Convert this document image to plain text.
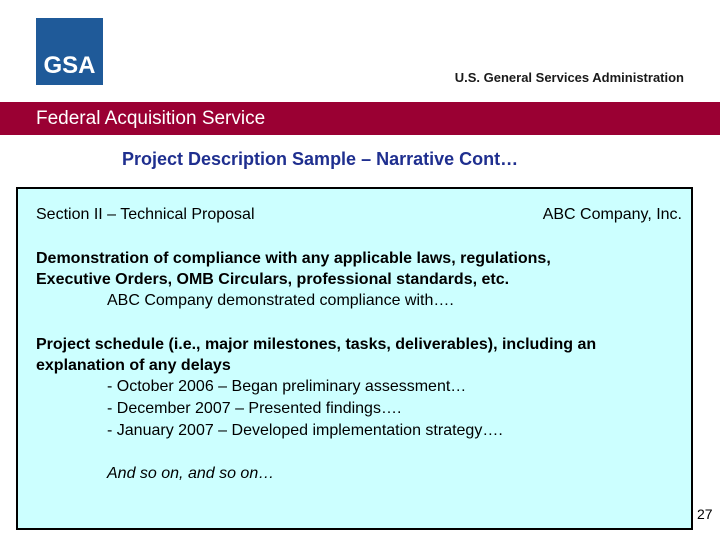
GSA	U.S. General Services Administration
Federal Acquisition Service
Project Description Sample – Narrative Cont…
Section II – Technical Proposal	ABC Company, Inc.
Demonstration of compliance with any applicable laws, regulations,
Executive Orders, OMB Circulars, professional standards, etc.
ABC Company demonstrated compliance with….
Project schedule (i.e., major milestones, tasks, deliverables), including an
explanation of any delays
- October 2006 – Began preliminary assessment…
- December 2007 – Presented findings….
- January 2007 – Developed implementation strategy….
And so on, and so on…
27
